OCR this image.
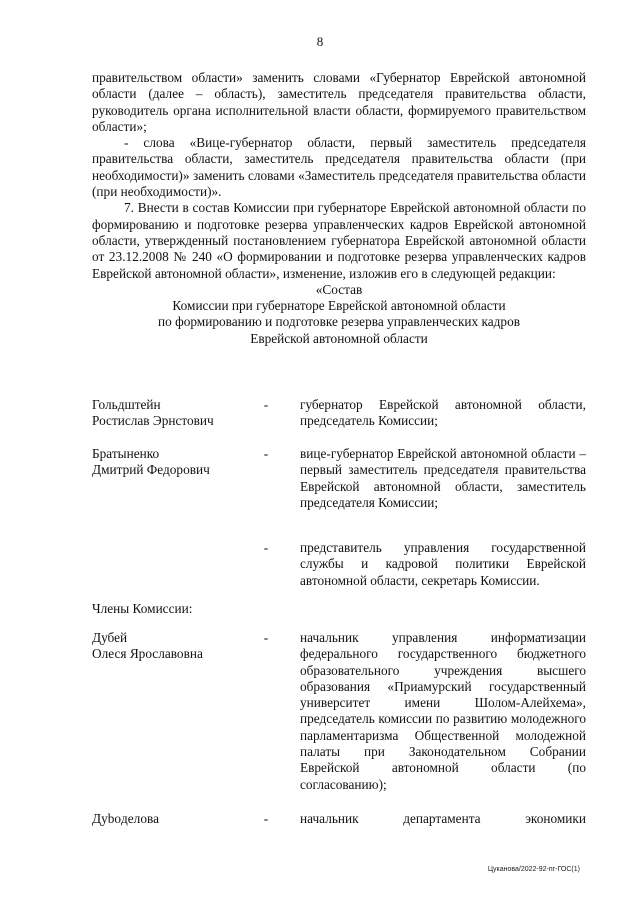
8

правительством области» заменить словами «Губернатор Еврейской автономной области (далее – область), заместитель председателя правительства области, руководитель органа исполнительной власти области, формируемого правительством области»;

- слова «Вице-губернатор области, первый заместитель председателя правительства области, заместитель председателя правительства области (при необходимости)» заменить словами «Заместитель председателя правительства области (при необходимости)».

7. Внести в состав Комиссии при губернаторе Еврейской автономной области по формированию и подготовке резерва управленческих кадров Еврейской автономной области, утвержденный постановлением губернатора Еврейской автономной области от 23.12.2008 № 240 «О формировании и подготовке резерва управленческих кадров Еврейской автономной области», изменение, изложив его в следующей редакции:

«Состав

Комиссии при губернаторе Еврейской автономной области

по формированию и подготовке резерва управленческих кадров

Еврейской автономной области

Гольдштейн
Ростислав Эрнстович
- губернатор Еврейской автономной области, председатель Комиссии;
Братыненко
Дмитрий Федорович
- вице-губернатор Еврейской автономной области – первый заместитель председателя правительства Еврейской автономной области, заместитель председателя Комиссии;
- представитель управления государственной службы и кадровой политики Еврейской автономной области, секретарь Комиссии.
Члены Комиссии:
Дубей
Олеся Ярославовна
- начальник управления информатизации федерального государственного бюджетного образовательного учреждения высшего образования «Приамурский государственный университет имени Шолом-Алейхема», председатель комиссии по развитию молодежного парламентаризма Общественной молодежной палаты при Законодательном Собрании Еврейской автономной области (по согласованию);
Дуboделова	- начальник департамента экономики
Цуканова/2022-92-пг-ГОС(1)
